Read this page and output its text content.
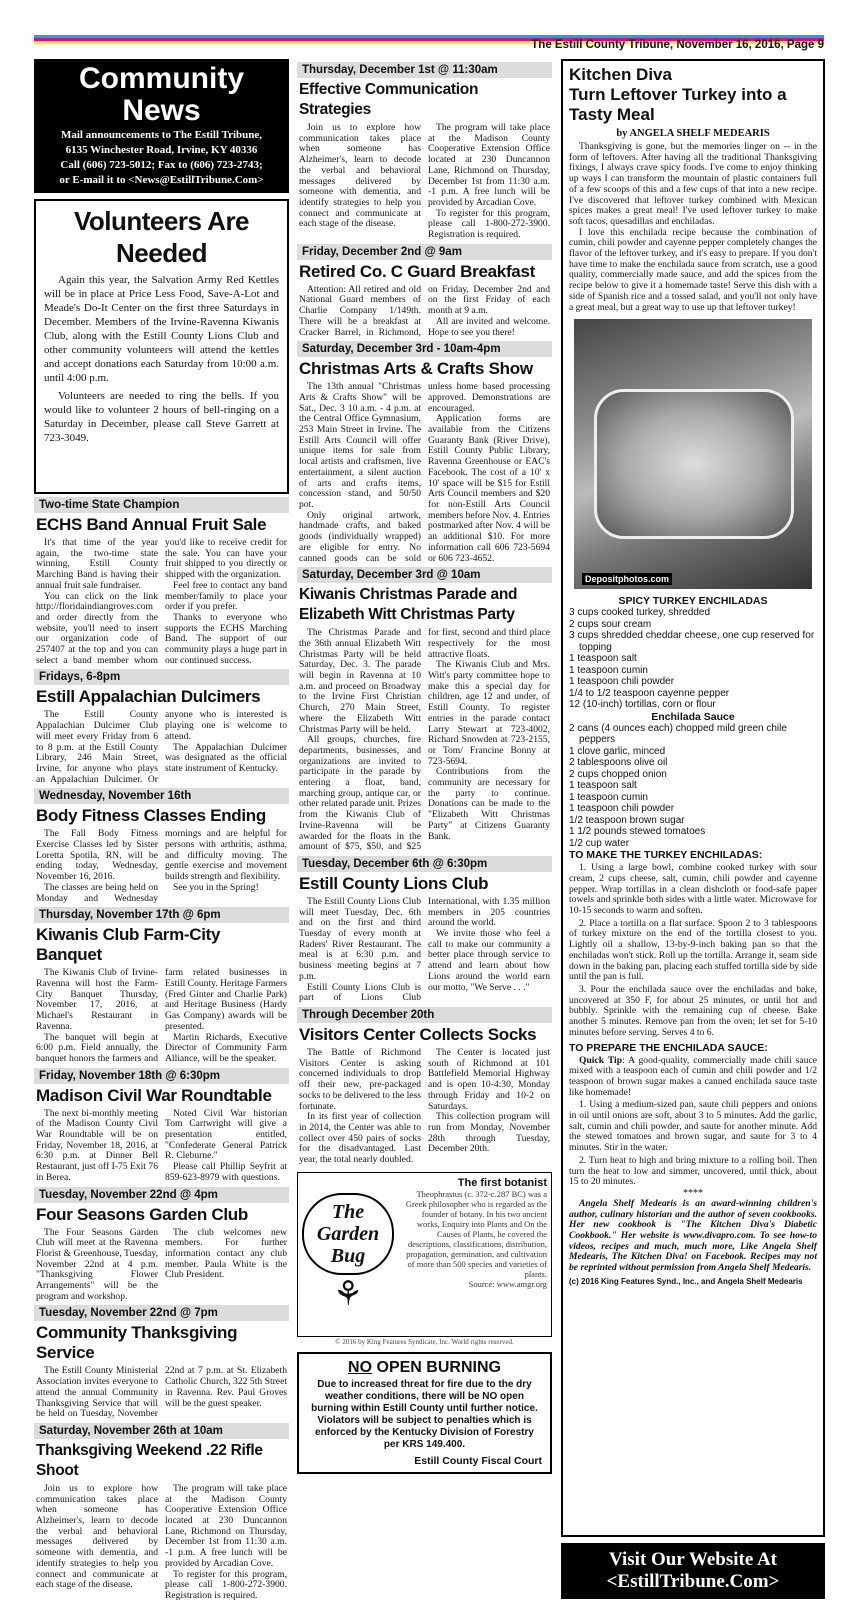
The Estill County Tribune, November 16, 2016, Page 9
Community News
Mail announcements to The Estill Tribune,
6135 Winchester Road, Irvine, KY 40336
Call (606) 723-5012; Fax to (606) 723-2743;
or E-mail it to <News@EstillTribune.Com>
Volunteers Are Needed

Again this year, the Salvation Army Red Kettles will be in place at Price Less Food, Save-A-Lot and Meade's Do-It Center on the first three Saturdays in December. Members of the Irvine-Ravenna Kiwanis Club, along with the Estill County Lions Club and other community volunteers will attend the kettles and accept donations each Saturday from 10:00 a.m. until 4:00 p.m.

Volunteers are needed to ring the bells. If you would like to volunteer 2 hours of bell-ringing on a Saturday in December, please call Steve Garrett at 723-3049.

Two-time State Champion
ECHS Band Annual Fruit Sale

It's that time of the year again, the two-time state winning, Estill County Marching Band is having their annual fruit sale fundraiser.

You can click on the link http://floridaindiangroves.com and order directly from the website, you'll need to insert our organization code of 257407 at the top and you can select a band member whom you'd like to receive credit for the sale. You can have your fruit shipped to you directly or shipped with the organization.

Feel free to contact any band member/family to place your order if you prefer.

Thanks to everyone who supports the ECHS Marching Band. The support of our community plays a huge part in our continued success.

Fridays, 6-8pm
Estill Appalachian Dulcimers

The Estill County Appalachian Dulcimer Club will meet every Friday from 6 to 8 p.m. at the Estill County Library, 246 Main Street, Irvine, for anyone who plays an Appalachian Dulcimer. Or anyone who is interested is playing one is welcome to attend.

The Appalachian Dulcimer was designated as the official state instrument of Kentucky.

Wednesday, November 16th
Body Fitness Classes Ending

The Fall Body Fitness Exercise Classes led by Sister Loretta Spotila, RN, will be ending today, Wednesday, November 16, 2016.

The classes are being held on Monday and Wednesday mornings and are helpful for persons with arthritis, asthma, and difficulty moving. The gentle exercise and movement builds strength and flexibility.

See you in the Spring!

Thursday, November 17th @ 6pm
Kiwanis Club Farm-City Banquet

The Kiwanis Club of Irvine-Ravenna will host the Farm-City Banquet Thursday, November 17, 2016, at Michael's Restaurant in Ravenna.

The banquet will begin at 6:00 p.m. Field annually, the banquet honors the farmers and farm related businesses in Estill County. Heritage Farmers (Fred Ginter and Charlie Park) and Heritage Business (Hardy Gas Company) awards will be presented.

Martin Richards, Executive Director of Community Farm Alliance, will be the speaker.

Friday, November 18th @ 6:30pm
Madison Civil War Roundtable

The next bi-monthly meeting of the Madison County Civil War Roundtable will be on Friday, November 18, 2016, at 6:30 p.m. at Dinner Bell Restaurant, just off I-75 Exit 76 in Berea.

Noted Civil War historian Tom Cartwright will give a presentation entitled, "Confederate General Patrick R. Cleburne."

Please call Phillip Seyfrit at 859-623-8979 with questions.

Tuesday, November 22nd @ 4pm
Four Seasons Garden Club

The Four Seasons Garden Club will meet at the Ravenna Florist & Greenhouse, Tuesday, November 22nd at 4 p.m. "Thanksgiving Flower Arrangements" will be the program and workshop.

The club welcomes new members. For further information contact any club member. Paula White is the Club President.

Tuesday, November 22nd @ 7pm
Community Thanksgiving Service

The Estill County Ministerial Association invites everyone to attend the annual Community Thanksgiving Service that will be held on Tuesday, November 22nd at 7 p.m. at St. Elizabeth Catholic Church, 322 5th Street in Ravenna. Rev. Paul Groves will be the guest speaker.

Saturday, November 26th at 10am
Thanksgiving Weekend .22 Rifle Shoot

Join us to explore how communication takes place when someone has Alzheimer's, learn to decode the verbal and behavioral messages delivered by someone with dementia, and identify strategies to help you connect and communicate at each stage of the disease.

The program will take place at the Madison County Cooperative Extension Office located at 230 Duncannon Lane, Richmond on Thursday, December 1st from 11:30 a.m. -1 p.m. A free lunch will be provided by Arcadian Cove.

To register for this program, please call 1-800-272-3900. Registration is required.

Thursday, December 1st @ 11:30am
Effective Communication Strategies

Join us to explore how communication takes place when someone has Alzheimer's, learn to decode the verbal and behavioral messages delivered by someone with dementia, and identify strategies to help you connect and communicate at each stage of the disease.

The program will take place at the Madison County Cooperative Extension Office located at 230 Duncannon Lane, Richmond on Thursday, December 1st from 11:30 a.m. -1 p.m. A free lunch will be provided by Arcadian Cove.

To register for this program, please call 1-800-272-3900. Registration is required.

Friday, December 2nd @ 9am
Retired Co. C Guard Breakfast

Attention: All retired and old National Guard members of Charlie Company 1/149th. There will be a breakfast at Cracker Barrel, in Richmond, on Friday, December 2nd and on the first Friday of each month at 9 a.m.

All are invited and welcome. Hope to see you there!

Saturday, December 3rd - 10am-4pm
Christmas Arts & Crafts Show

The 13th annual "Christmas Arts & Crafts Show" will be Sat., Dec. 3 10 a.m. - 4 p.m. at the Central Office Gymnasium, 253 Main Street in Irvine. The Estill Arts Council will offer unique items for sale from local artists and craftsmen, live entertainment, a silent auction of arts and crafts items, concession stand, and 50/50 pot.

Only original artwork, handmade crafts, and baked goods (individually wrapped) are eligible for entry. No canned goods can be sold unless home based processing approved. Demonstrations are encouraged.

Application forms are available from the Citizens Guaranty Bank (River Drive), Estill County Public Library, Ravenna Greenhouse or EAC's Facebook. The cost of a 10' x 10' space will be $15 for Estill Arts Council members and $20 for non-Estill Arts Council members before Nov. 4. Entries postmarked after Nov. 4 will be an additional $10. For more information call 606 723-5694 or 606 723-4652.

Saturday, December 3rd @ 10am
Kiwanis Christmas Parade and Elizabeth Witt Christmas Party

The Christmas Parade and the 36th annual Elizabeth Witt Christmas Party will be held Saturday, Dec. 3. The parade will begin in Ravenna at 10 a.m. and proceed on Broadway to the Irvine First Christian Church, 270 Main Street, where the Elizabeth Witt Christmas Party will be held.

All groups, churches, fire departments, businesses, and organizations are invited to participate in the parade by entering a float, band, marching group, antique car, or other related parade unit. Prizes from the Kiwanis Club of Irvine-Ravenna will be awarded for the floats in the amount of $75, $50, and $25 for first, second and third place respectively for the most attractive floats.

The Kiwanis Club and Mrs. Witt's party committee hope to make this a special day for children, age 12 and under, of Estill County. To register entries in the parade contact Larry Stewart at 723-4002, Richard Snowden at 723-2155, or Tom/ Francine Bonny at 723-5694.

Contributions from the community are necessary for the party to continue. Donations can be made to the "Elizabeth Witt Christmas Party" at Citizens Guaranty Bank.

Tuesday, December 6th @ 6:30pm
Estill County Lions Club

The Estill County Lions Club will meet Tuesday, Dec. 6th and on the first and third Tuesday of every month at Raders' River Restaurant. The meal is at 6:30 p.m. and business meeting begins at 7 p.m.

Estill County Lions Club is part of Lions Club International, with 1.35 million members in 205 countries around the world.

We invite those who feel a call to make our community a better place through service to attend and learn about how Lions around the world earn our motto, "We Serve . . ."

Through December 20th
Visitors Center Collects Socks

The Battle of Richmond Visitors Center is asking concerned individuals to drop off their new, pre-packaged socks to be delivered to the less fortunate.

In its first year of collection in 2014, the Center was able to collect over 450 pairs of socks for the disadvantaged. Last year, the total nearly doubled.

The Center is located just south of Richmond at 101 Battlefield Memorial Highway and is open 10-4:30, Monday through Friday and 10-2 on Saturdays.

This collection program will run from Monday, November 28th through Tuesday, December 20th.

The Garden Bug
⚘
The first botanist

Theophrastus (c. 372-c.287 BC) was a Greek philosopher who is regarded as the founder of botany. In his two ancient works, Enquiry into Plants and On the Causes of Plants, he covered the descriptions, classifications, distribution, propagation, germination, and cultivation of more than 500 species and varieties of plants.

Source: www.amgr.org

© 2016 by King Features Syndicate, Inc. World rights reserved.
NO OPEN BURNING

Due to increased threat for fire due to the dry weather conditions, there will be NO open burning within Estill County until further notice. Violators will be subject to penalties which is enforced by the Kentucky Division of Forestry per KRS 149.400.

Estill County Fiscal Court

Kitchen Diva
Turn Leftover Turkey into a Tasty Meal
by ANGELA SHELF MEDEARIS

Thanksgiving is gone, but the memories linger on -- in the form of leftovers. After having all the traditional Thanksgiving fixings, I always crave spicy foods. I've come to enjoy thinking up ways I can transform the mountain of plastic containers full of a few scoops of this and a few cups of that into a new recipe. I've discovered that leftover turkey combined with Mexican spices makes a great meal! I've used leftover turkey to make soft tacos, quesadillas and enchiladas.

I love this enchilada recipe because the combination of cumin, chili powder and cayenne pepper completely changes the flavor of the leftover turkey, and it's easy to prepare. If you don't have time to make the enchilada sauce from scratch, use a good quality, commercially made sauce, and add the spices from the recipe below to give it a homemade taste! Serve this dish with a side of Spanish rice and a tossed salad, and you'll not only have a great meal, but a great way to use up that leftover turkey!

Depositphotos.com
SPICY TURKEY ENCHILADAS
3 cups cooked turkey, shredded
2 cups sour cream
3 cups shredded cheddar cheese, one cup reserved for topping
1 teaspoon salt
1 teaspoon cumin
1 teaspoon chili powder
1/4 to 1/2 teaspoon cayenne pepper
12 (10-inch) tortillas, corn or flour
Enchilada Sauce
2 cans (4 ounces each) chopped mild green chile peppers
1 clove garlic, minced
2 tablespoons olive oil
2 cups chopped onion
1 teaspoon salt
1 teaspoon cumin
1 teaspoon chili powder
1/2 teaspoon brown sugar
1 1/2 pounds stewed tomatoes
1/2 cup water
TO MAKE THE TURKEY ENCHILADAS:

1. Using a large bowl, combine cooked turkey with sour cream, 2 cups cheese, salt, cumin, chili powder and cayenne pepper. Wrap tortillas in a clean dishcloth or food-safe paper towels and sprinkle both sides with a little water. Microwave for 10-15 seconds to warm and soften.

2. Place a tortilla on a flat surface. Spoon 2 to 3 tablespoons of turkey mixture on the end of the tortilla closest to you. Lightly oil a shallow, 13-by-9-inch baking pan so that the enchiladas won't stick. Roll up the tortilla. Arrange it, seam side down in the baking pan, placing each stuffed tortilla side by side until the pan is full.

3. Pour the enchilada sauce over the enchiladas and bake, uncovered at 350 F, for about 25 minutes, or until hot and bubbly. Sprinkle with the remaining cup of cheese. Bake another 5 minutes. Remove pan from the oven; let set for 5-10 minutes before serving. Serves 4 to 6.

TO PREPARE THE ENCHILADA SAUCE:

Quick Tip: A good-quality, commercially made chili sauce mixed with a teaspoon each of cumin and chili powder and 1/2 teaspoon of brown sugar makes a canned enchilada sauce taste like homemade!

1. Using a medium-sized pan, saute chili peppers and onions in oil until onions are soft, about 3 to 5 minutes. Add the garlic, salt, cumin and chili powder, and saute for another minute. Add the stewed tomatoes and brown sugar, and saute for 3 to 4 minutes. Stir in the water.

2. Turn heat to high and bring mixture to a rolling boil. Then turn the heat to low and simmer, uncovered, until thick, about 15 to 20 minutes.

****

Angela Shelf Medearis is an award-winning children's author, culinary historian and the author of seven cookbooks. Her new cookbook is "The Kitchen Diva's Diabetic Cookbook." Her website is www.divapro.com. To see how-to videos, recipes and much, much more, Like Angela Shelf Medearis, The Kitchen Diva! on Facebook. Recipes may not be reprinted without permission from Angela Shelf Medearis.

(c) 2016 King Features Synd., Inc., and Angela Shelf Medearis
Visit Our Website At
<EstillTribune.Com>
